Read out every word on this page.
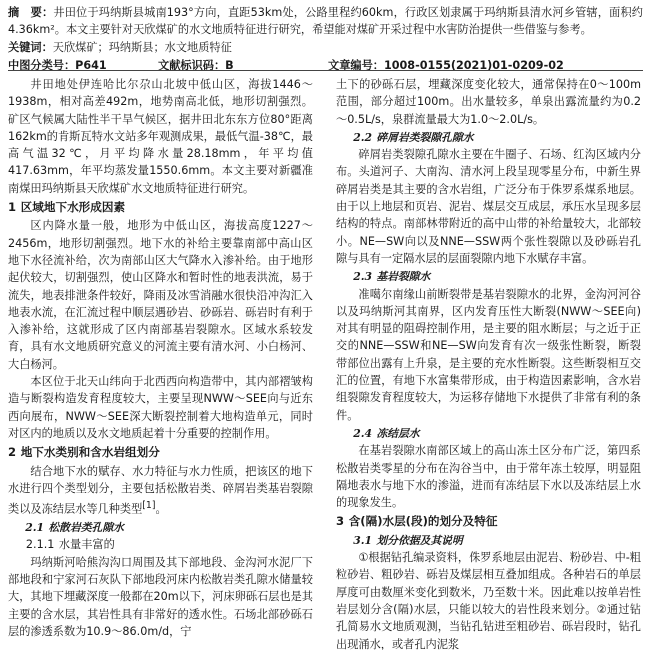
摘　要：井田位于玛纳斯县城南193°方向，直距53km处，公路里程约60km，行政区划隶属于玛纳斯县清水河乡管辖，面积约4.36km²。本文主要针对天欣煤矿的水文地质特征进行研究，希望能对煤矿开采过程中水害防治提供一些借鉴与参考。

关键词：天欣煤矿；玛纳斯县；水文地质特征
中图分类号：P641	文献标识码：B	文章编号：1008-0155(2021)01-0209-02

井田地处伊连哈比尔尕山北坡中低山区，海拔1446～1938m，相对高差492m，地势南高北低，地形切割强烈。矿区气候属大陆性半干旱气候区，据井田北东东方位80°距离162km的肯斯瓦特水文站多年观测成果，最低气温-38℃，最高气温32℃，月平均降水量28.18mm，年平均值417.63mm，年平均蒸发量1550.6mm。本文主要对新疆准南煤田玛纳斯县天欣煤矿水文地质特征进行研究。

1 区域地下水形成因素

区内降水量一般，地形为中低山区，海拔高度1227～2456m，地形切割强烈。地下水的补给主要靠南部中高山区地下水径流补给，次为南部山区大气降水入渗补给。由于地形起伏较大，切割强烈，使山区降水和暂时性的地表洪流，易于流失，地表排泄条件较好，降雨及冰雪消融水很快沿冲沟汇入地表水流，在汇流过程中顺层遇砂岩、砂砾岩、砾岩时有利于入渗补给，这就形成了区内南部基岩裂隙水。区域水系较发育，具有水文地质研究意义的河流主要有清水河、小白杨河、大白杨河。

本区位于北天山纬向于北西西向构造带中，其内部褶皱构造与断裂构造发育程度较大，主要呈现NWW～SEE向与近东西向展布，NWW～SEE深大断裂控制着大地构造单元，同时对区内的地质以及水文地质起着十分重要的控制作用。

2 地下水类别和含水岩组划分

结合地下水的赋存、水力特征与水力性质，把该区的地下水进行四个类型划分，主要包括松散岩类、碎屑岩类基岩裂隙类以及冻结层水等几种类型[1]。

2.1 松散岩类孔隙水
2.1.1 水量丰富的

玛纳斯河哈熊沟沟口周围及其下部地段、金沟河水泥厂下部地段和宁家河石灰队下部地段河床内松散岩类孔隙水储量较大，其地下埋藏深度一般都在20m以下，河床卵砾石层也是其主要的含水层，其岩性具有非常好的透水性。石场北部砂砾石层的渗透系数为10.9～86.0m/d，宁

土下的砂砾石层，埋藏深度变化较大，通常保持在0～100m范围，部分超过100m。出水量较多，单泉出露流量约为0.2～0.5L/s，泉群流量最大为1.0～2.0L/s。

2.2 碎屑岩类裂隙孔隙水

碎屑岩类裂隙孔隙水主要在牛圈子、石场、红沟区域内分布。头道河子、大南沟、清水河上段呈现零星分布，中新生界碎屑岩类是其主要的含水岩组，广泛分布于侏罗系煤系地层。由于以上地层和页岩、泥岩、煤层交互成层，承压水呈现多层结构的特点。南部林带附近的高中山带的补给量较大，北部较小。NE—SW向以及NNE—SSW两个张性裂隙以及砂砾岩孔隙与具有一定隔水层的层面裂隙内地下水赋存丰富。

2.3 基岩裂隙水

准噶尔南缘山前断裂带是基岩裂隙水的北界，金沟河河谷以及玛纳斯河其南界，区内发育压性大断裂(NWW～SEE向)对其有明显的阻碍控制作用，是主要的阻水断层；与之近于正交的NNE—SSW和NE—SW向发育有次一级张性断裂，断裂带部位出露有上升泉，是主要的充水性断裂。这些断裂相互交汇的位置，有地下水富集带形成，由于构造因素影响，含水岩组裂隙发育程度较大，为运移存储地下水提供了非常有利的条件。

2.4 冻结层水

在基岩裂隙水南部区域上的高山冻土区分布广泛，第四系松散岩类零星的分布在沟谷当中，由于常年冻土较厚，明显阻隔地表水与地下水的渗溢，进而有冻结层下水以及冻结层上水的现象发生。

3 含(隔)水层(段)的划分及特征
3.1 划分依据及其说明

①根据钻孔编录资料，侏罗系地层由泥岩、粉砂岩、中-粗粒砂岩、粗砂岩、砾岩及煤层相互叠加组成。各种岩石的单层厚度可由数厘米变化到数米，乃至数十米。因此难以按单岩性岩层划分含(隔)水层，只能以较大的岩性段来划分。②通过钻孔简易水文地质观测，当钻孔钻进至粗砂岩、砾岩段时，钻孔出现涌水，或者孔内泥浆
